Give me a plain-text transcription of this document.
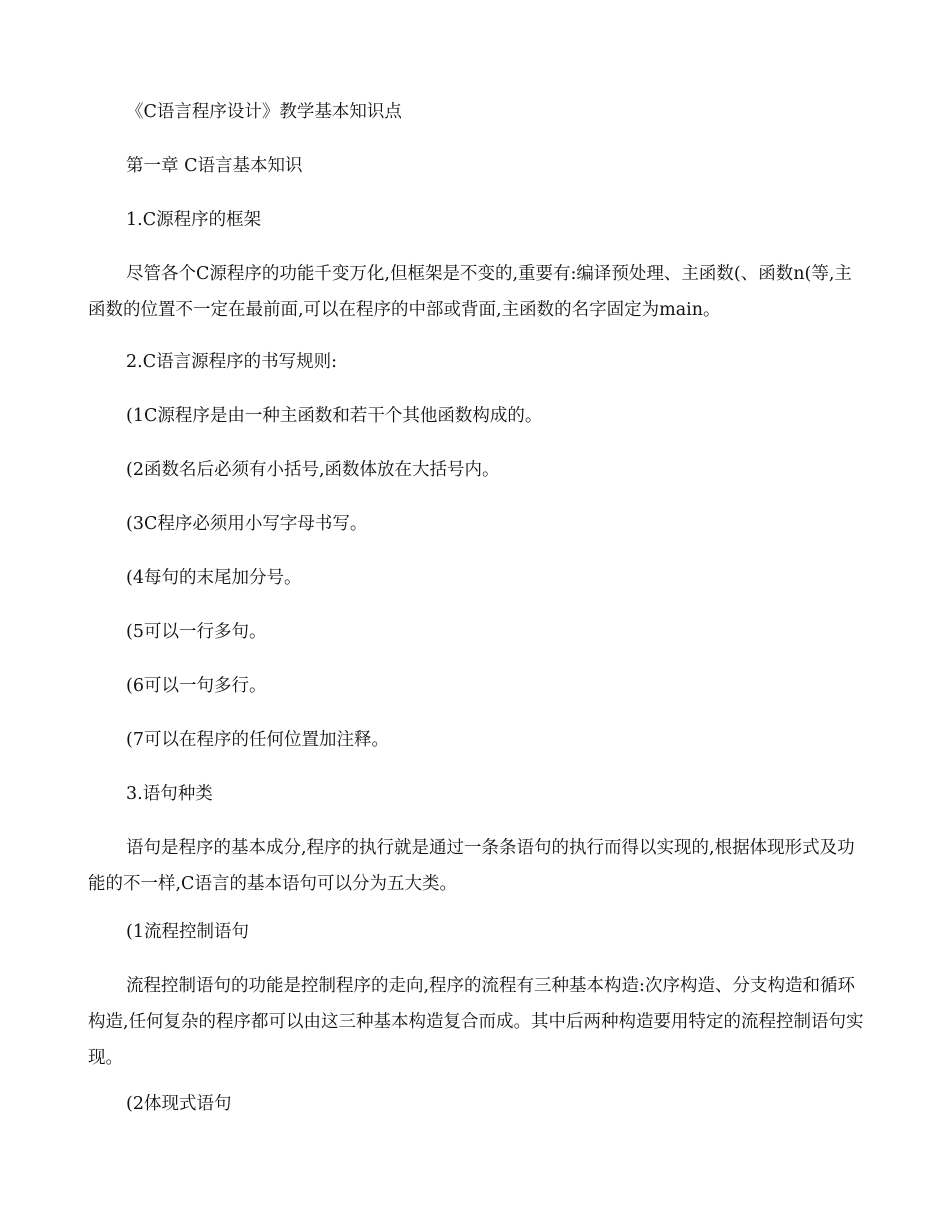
《C语言程序设计》教学基本知识点
第一章 C语言基本知识
1.C源程序的框架
尽管各个C源程序的功能千变万化,但框架是不变的,重要有:编译预处理、主函数(、函数n(等,主函数的位置不一定在最前面,可以在程序的中部或背面,主函数的名字固定为main。
2.C语言源程序的书写规则:
(1C源程序是由一种主函数和若干个其他函数构成的。
(2函数名后必须有小括号,函数体放在大括号内。
(3C程序必须用小写字母书写。
(4每句的末尾加分号。
(5可以一行多句。
(6可以一句多行。
(7可以在程序的任何位置加注释。
3.语句种类
语句是程序的基本成分,程序的执行就是通过一条条语句的执行而得以实现的,根据体现形式及功能的不一样,C语言的基本语句可以分为五大类。
(1流程控制语句
流程控制语句的功能是控制程序的走向,程序的流程有三种基本构造:次序构造、分支构造和循环构造,任何复杂的程序都可以由这三种基本构造复合而成。其中后两种构造要用特定的流程控制语句实现。
(2体现式语句
